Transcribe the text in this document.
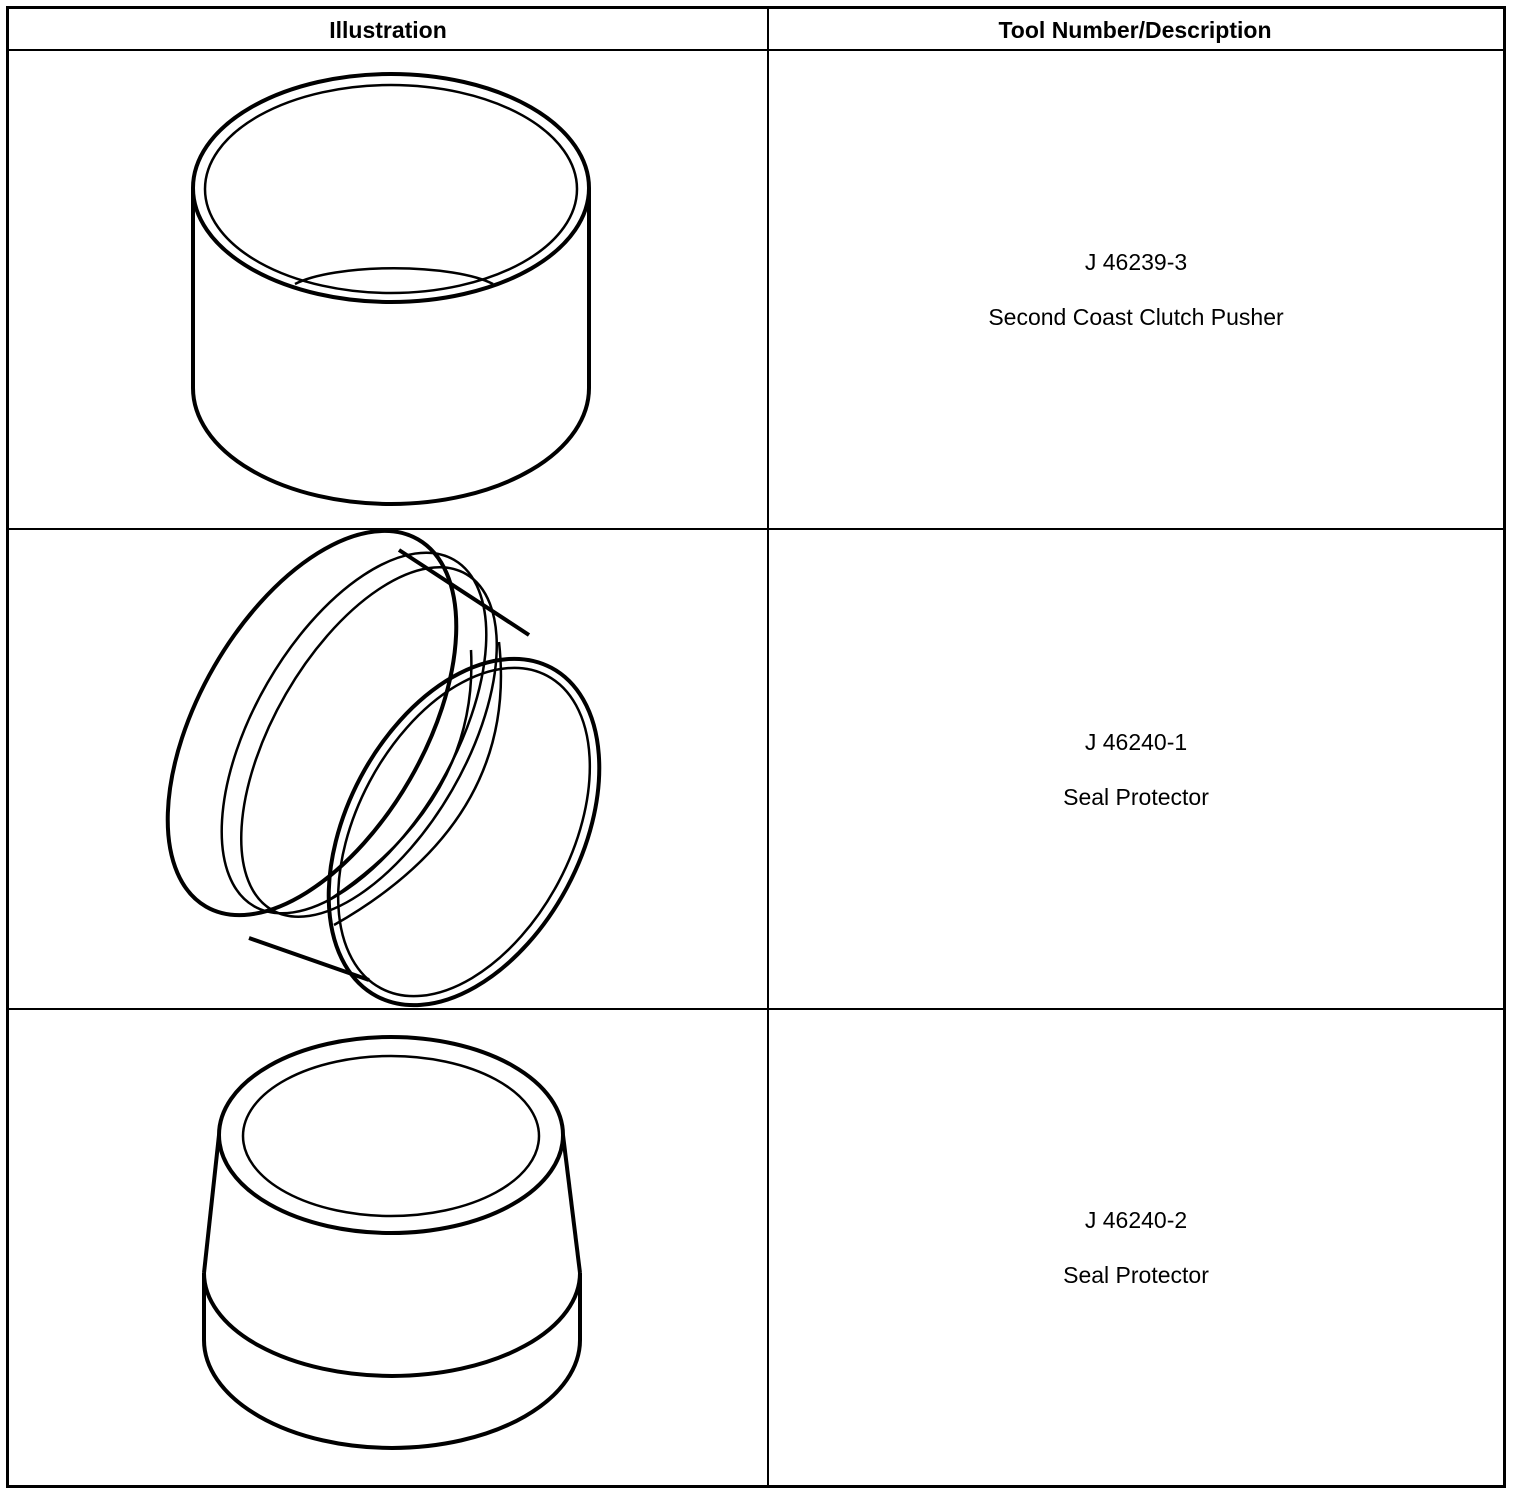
Illustration	Tool Number/Description

J 46239-3

Second Coast Clutch Pusher

J 46240-1

Seal Protector

J 46240-2

Seal Protector
